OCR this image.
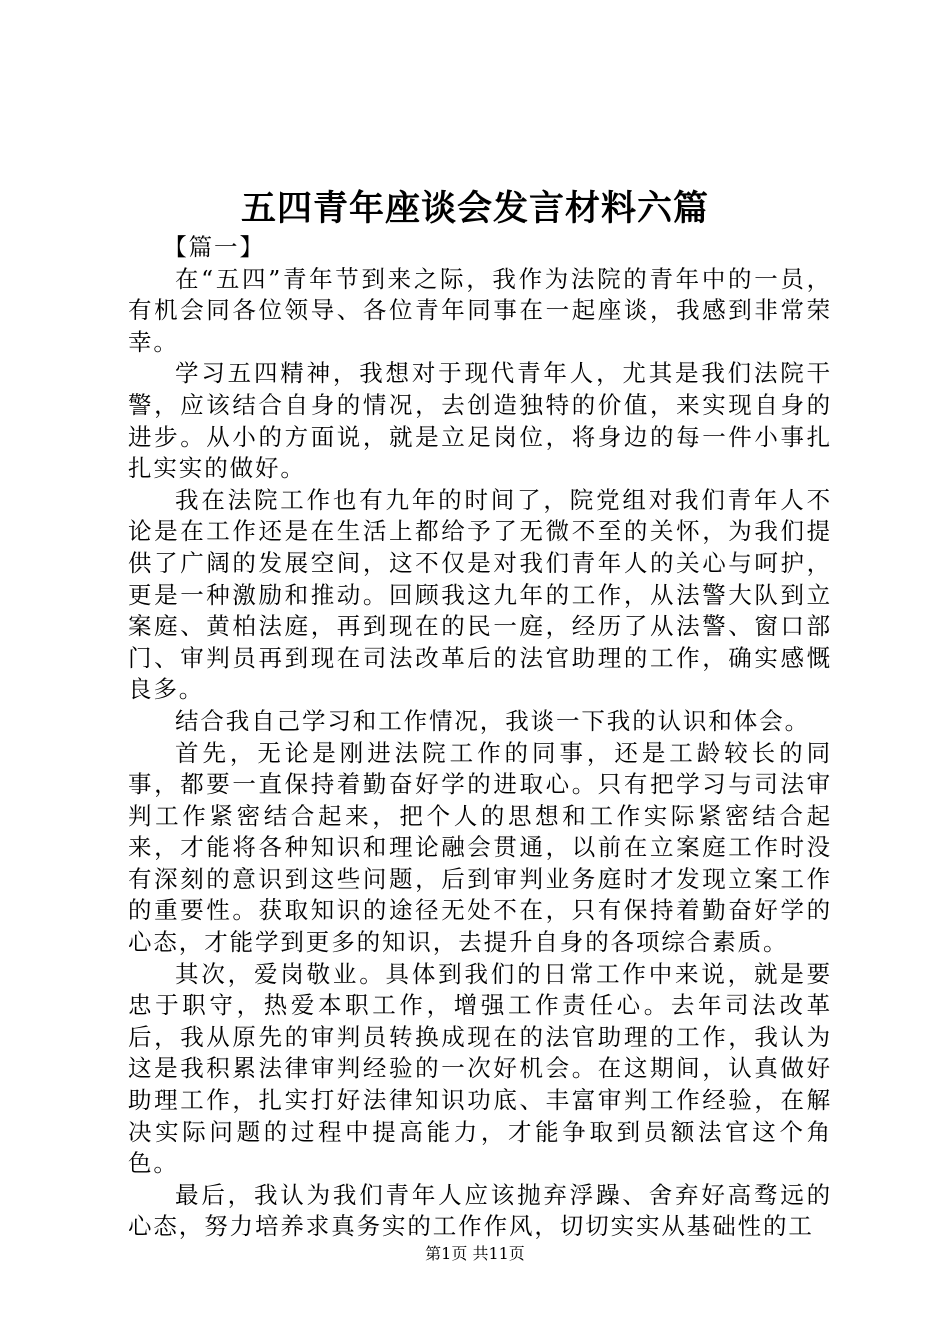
五四青年座谈会发言材料六篇
【篇一】

在“五四”青年节到来之际，我作为法院的青年中的一员，有机会同各位领导、各位青年同事在一起座谈，我感到非常荣幸。

学习五四精神，我想对于现代青年人，尤其是我们法院干警，应该结合自身的情况，去创造独特的价值，来实现自身的进步。从小的方面说，就是立足岗位，将身边的每一件小事扎扎实实的做好。

我在法院工作也有九年的时间了，院党组对我们青年人不论是在工作还是在生活上都给予了无微不至的关怀，为我们提供了广阔的发展空间，这不仅是对我们青年人的关心与呵护，更是一种激励和推动。回顾我这九年的工作，从法警大队到立案庭、黄柏法庭，再到现在的民一庭，经历了从法警、窗口部门、审判员再到现在司法改革后的法官助理的工作，确实感慨良多。

结合我自己学习和工作情况，我谈一下我的认识和体会。

首先，无论是刚进法院工作的同事，还是工龄较长的同事，都要一直保持着勤奋好学的进取心。只有把学习与司法审判工作紧密结合起来，把个人的思想和工作实际紧密结合起来，才能将各种知识和理论融会贯通，以前在立案庭工作时没有深刻的意识到这些问题，后到审判业务庭时才发现立案工作的重要性。获取知识的途径无处不在，只有保持着勤奋好学的心态，才能学到更多的知识，去提升自身的各项综合素质。

其次，爱岗敬业。具体到我们的日常工作中来说，就是要忠于职守，热爱本职工作，增强工作责任心。去年司法改革后，我从原先的审判员转换成现在的法官助理的工作，我认为这是我积累法律审判经验的一次好机会。在这期间，认真做好助理工作，扎实打好法律知识功底、丰富审判工作经验，在解决实际问题的过程中提高能力，才能争取到员额法官这个角色。

最后，我认为我们青年人应该抛弃浮躁、舍弃好高骛远的心态，努力培养求真务实的工作作风，切切实实从基础性的工

第1页 共11页
